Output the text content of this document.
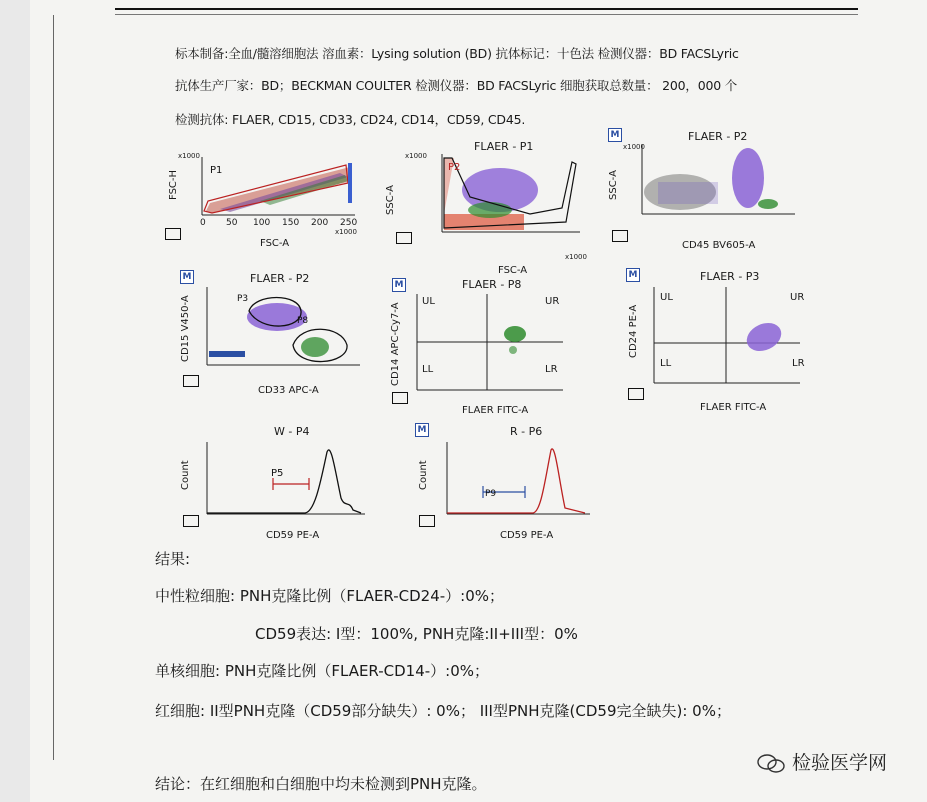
标本制备:全血/髓溶细胞法 溶血素：Lysing solution (BD) 抗体标记：十色法 检测仪器：BD FACSLyric
抗体生产厂家：BD；BECKMAN COULTER 检测仪器：BD FACSLyric 细胞获取总数量： 200，000 个
检测抗体: FLAER, CD15, CD33, CD24, CD14，CD59, CD45.
FSC-H
FSC-A
x1000
x1000
P1
0 50 100 150 200 250
FLAER - P1
SSC-A
FSC-A
x1000
x1000
P2
M	FLAER - P2
SSC-A
CD45 BV605-A
x1000
M	FLAER - P2
CD15 V450-A
CD33 APC-A
P3
P8
M	FLAER - P8
CD14 APC-Cy7-A
FLAER FITC-A
UL	UR
LL	LR
M	FLAER - P3
CD24 PE-A
FLAER FITC-A
UL	UR
LL	LR
W - P4
Count
CD59 PE-A
P5
M	R - P6
Count
CD59 PE-A
P9
结果:
中性粒细胞: PNH克隆比例（FLAER-CD24-）:0%；
CD59表达: I型：100%, PNH克隆:II+III型：0%
单核细胞: PNH克隆比例（FLAER-CD14-）:0%；
红细胞: II型PNH克隆（CD59部分缺失）: 0%； III型PNH克隆(CD59完全缺失): 0%；
结论：在红细胞和白细胞中均未检测到PNH克隆。
检验医学网
